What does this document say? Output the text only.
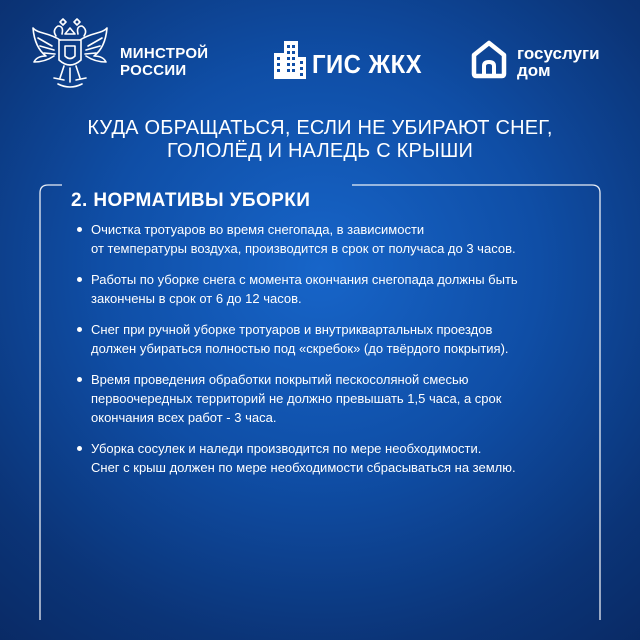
МИНСТРОЙ
РОССИИ	ГИС ЖКХ	госуслуги
дом
КУДА ОБРАЩАТЬСЯ, ЕСЛИ НЕ УБИРАЮТ СНЕГ,
ГОЛОЛЁД И НАЛЕДЬ С КРЫШИ
2. НОРМАТИВЫ УБОРКИ
Очистка тротуаров во время снегопада, в зависимости
от температуры воздуха, производится в срок от получаса до 3 часов.
Работы по уборке снега с момента окончания снегопада должны быть
закончены в срок от 6 до 12 часов.
Снег при ручной уборке тротуаров и внутриквартальных проездов
должен убираться полностью под «скребок» (до твёрдого покрытия).
Время проведения обработки покрытий пескосоляной смесью
первоочередных территорий не должно превышать 1,5 часа, а срок
окончания всех работ - 3 часа.
Уборка сосулек и наледи производится по мере необходимости.
Снег с крыш должен по мере необходимости сбрасываться на землю.
